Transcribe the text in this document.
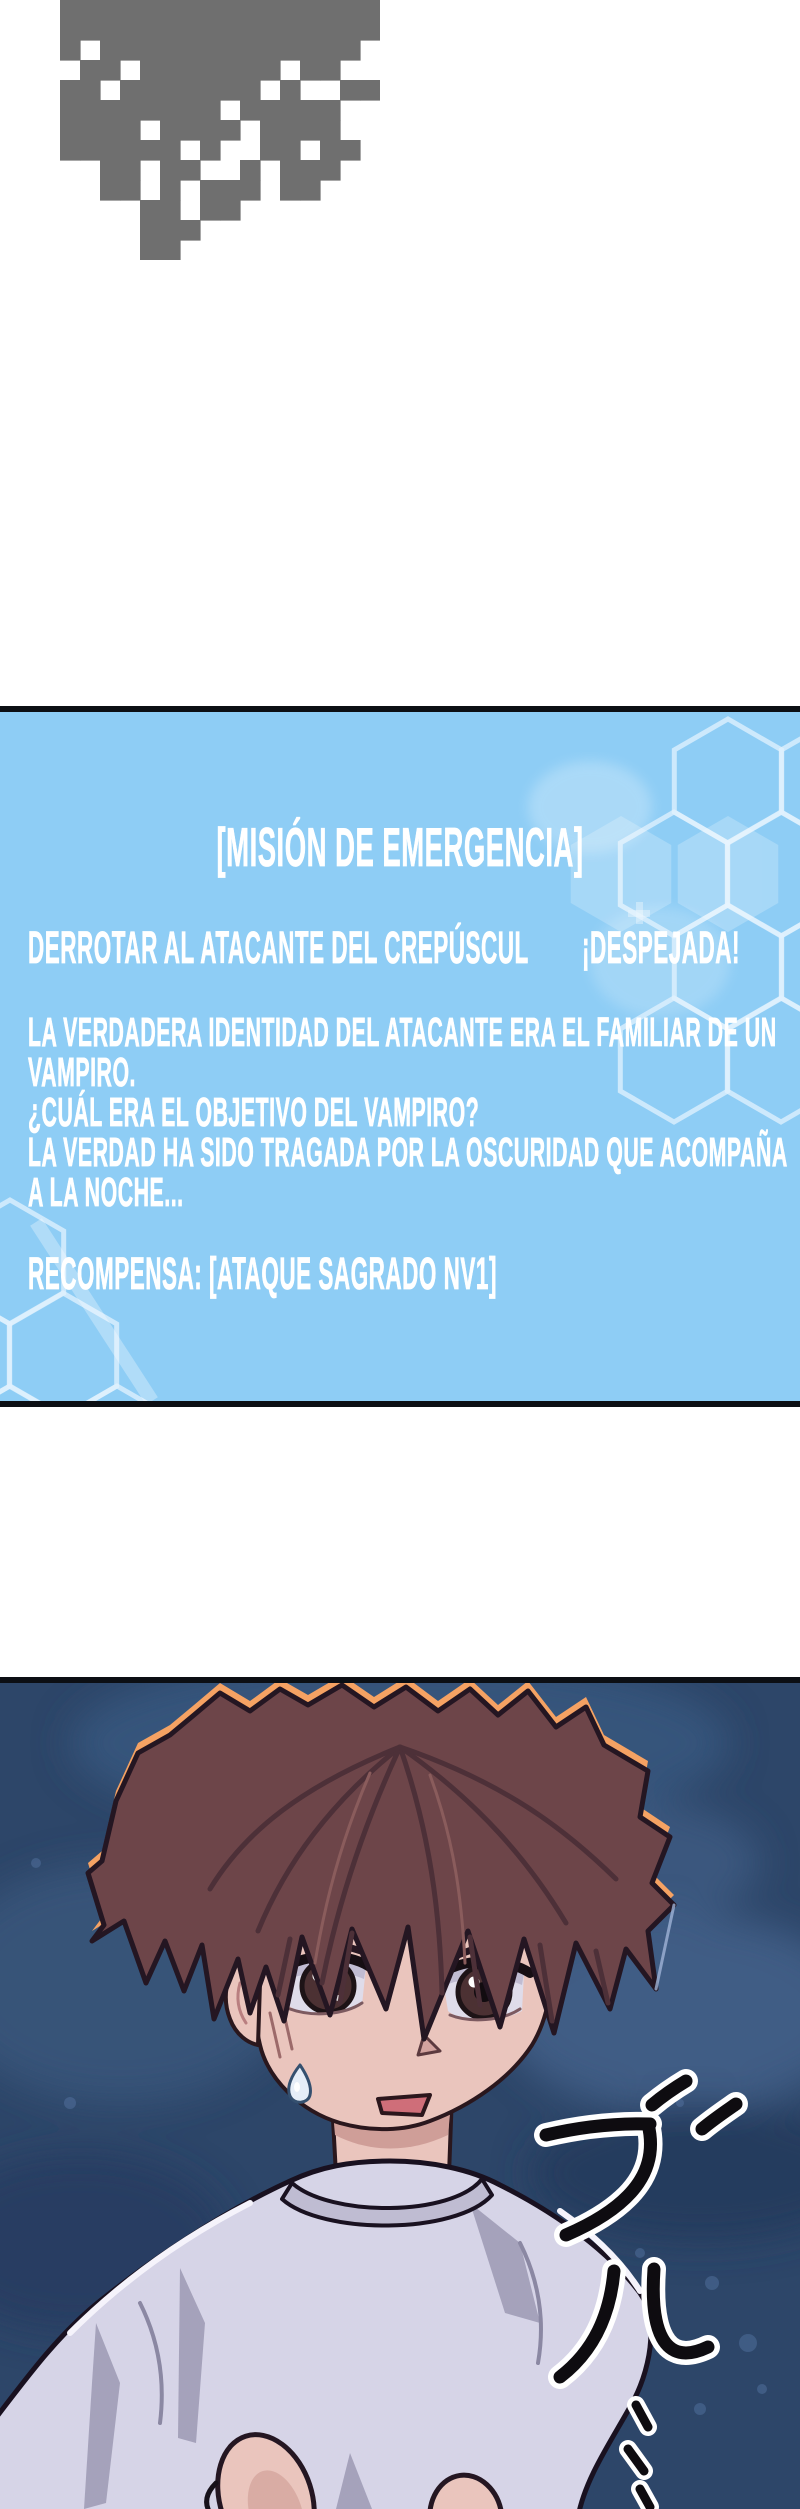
[MISIÓN DE EMERGENCIA]
DERROTAR AL ATACANTE DEL CREPÚSCUL ¡DESPEJADA!
LA VERDADERA IDENTIDAD DEL ATACANTE ERA EL FAMILIAR DE UN
VAMPIRO.
¿CUÁL ERA EL OBJETIVO DEL VAMPIRO?
LA VERDAD HA SIDO TRAGADA POR LA OSCURIDAD QUE ACOMPAÑA
A LA NOCHE...
RECOMPENSA: [ATAQUE SAGRADO NV1]
